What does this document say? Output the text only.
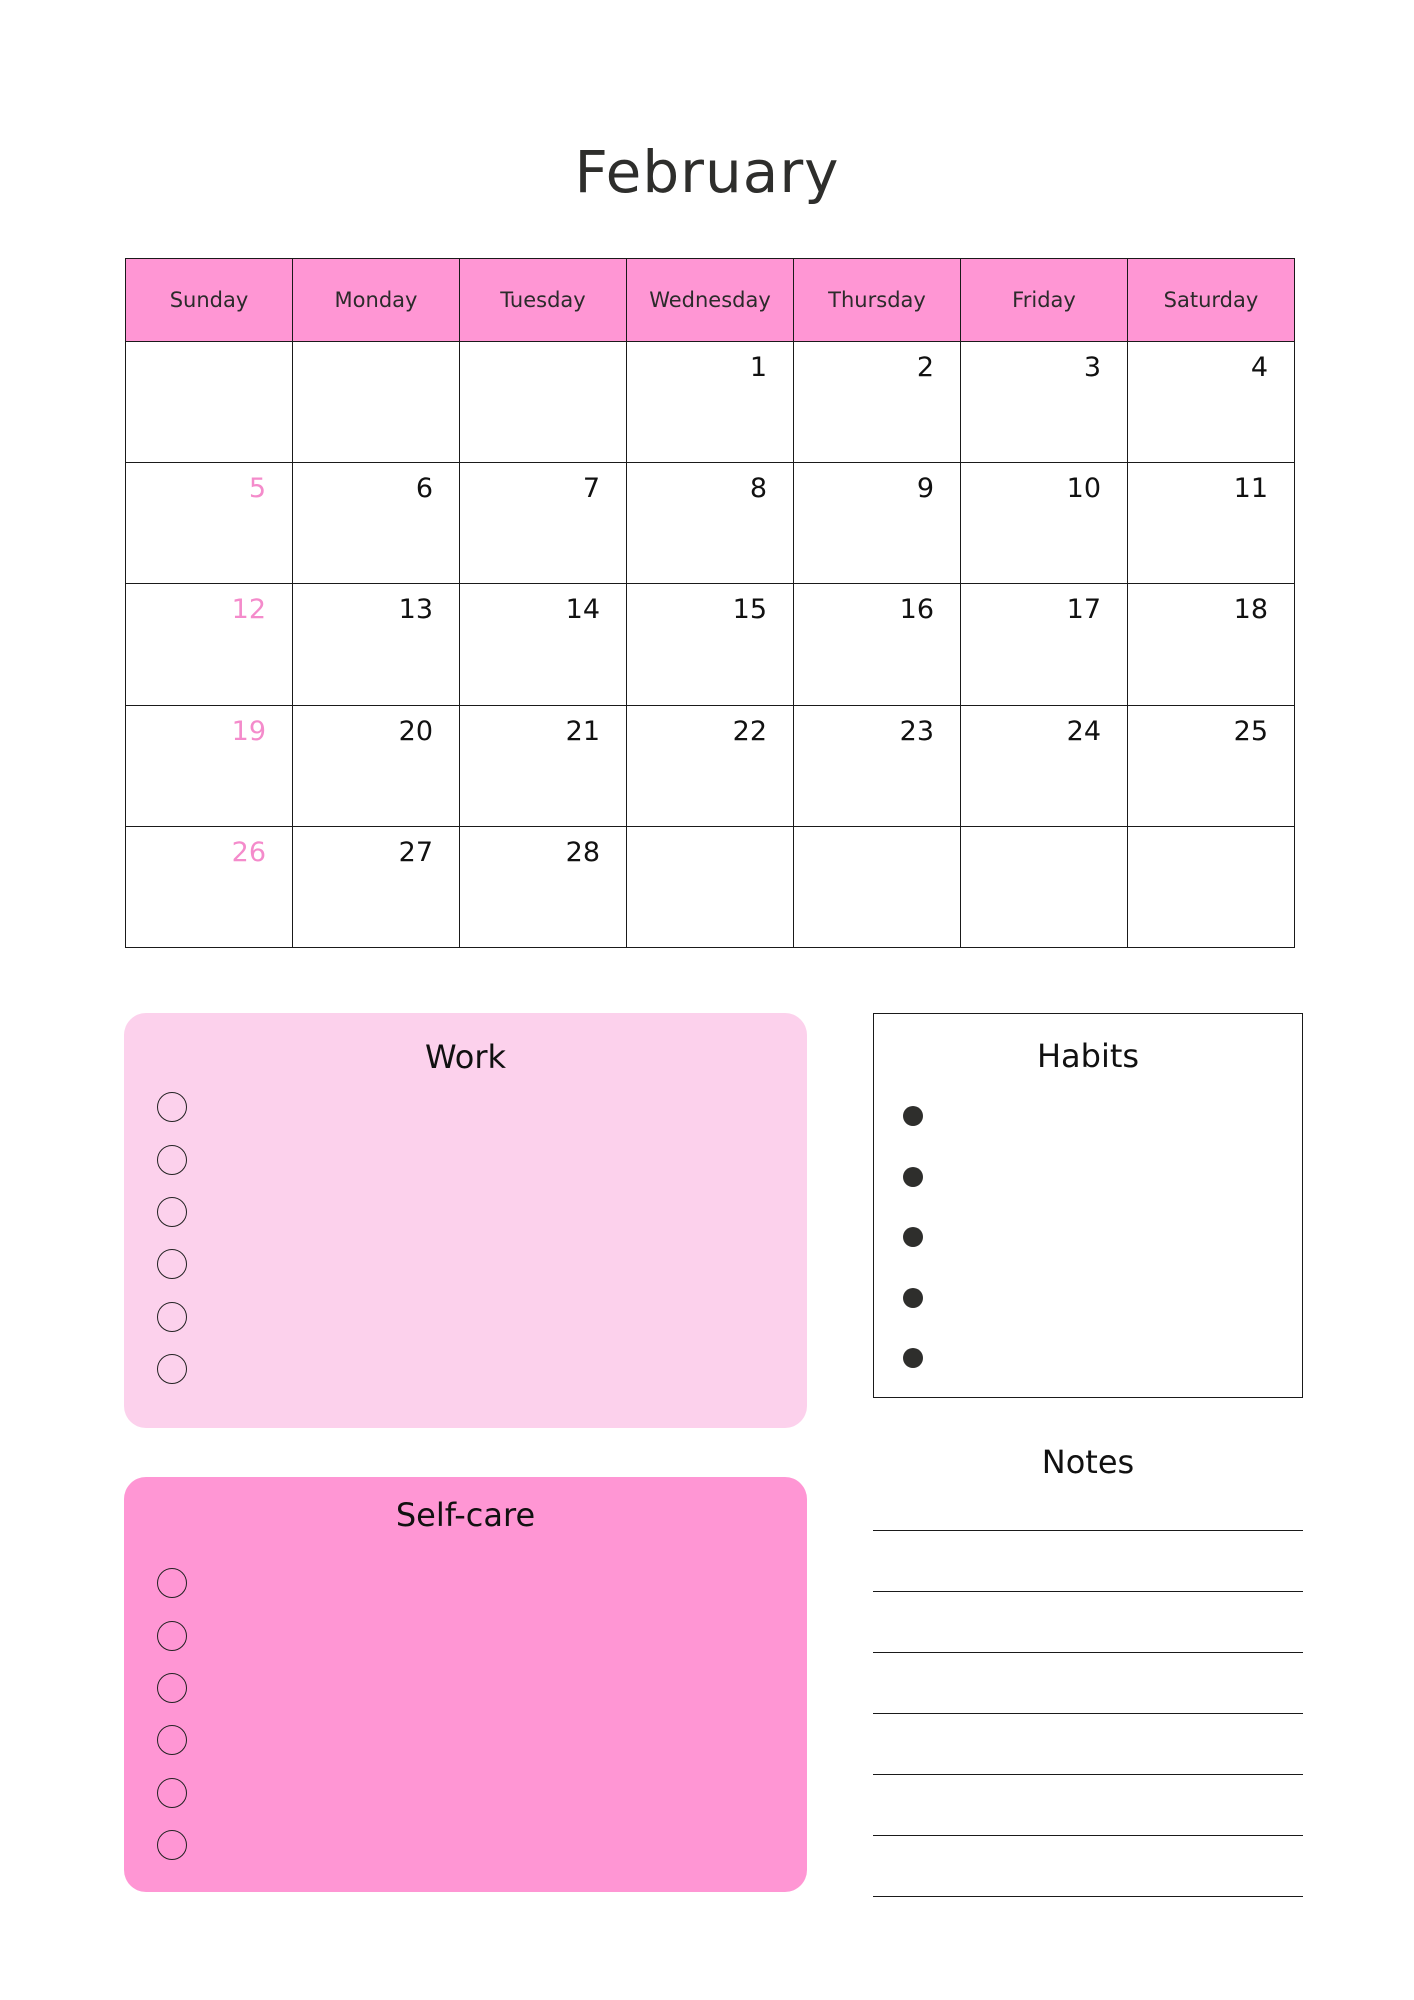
February
Sunday	Monday	Tuesday	Wednesday	Thursday	Friday	Saturday
			1	2	3	4
5	6	7	8	9	10	11
12	13	14	15	16	17	18
19	20	21	22	23	24	25
26	27	28				
Work
Self-care
Habits
Notes
